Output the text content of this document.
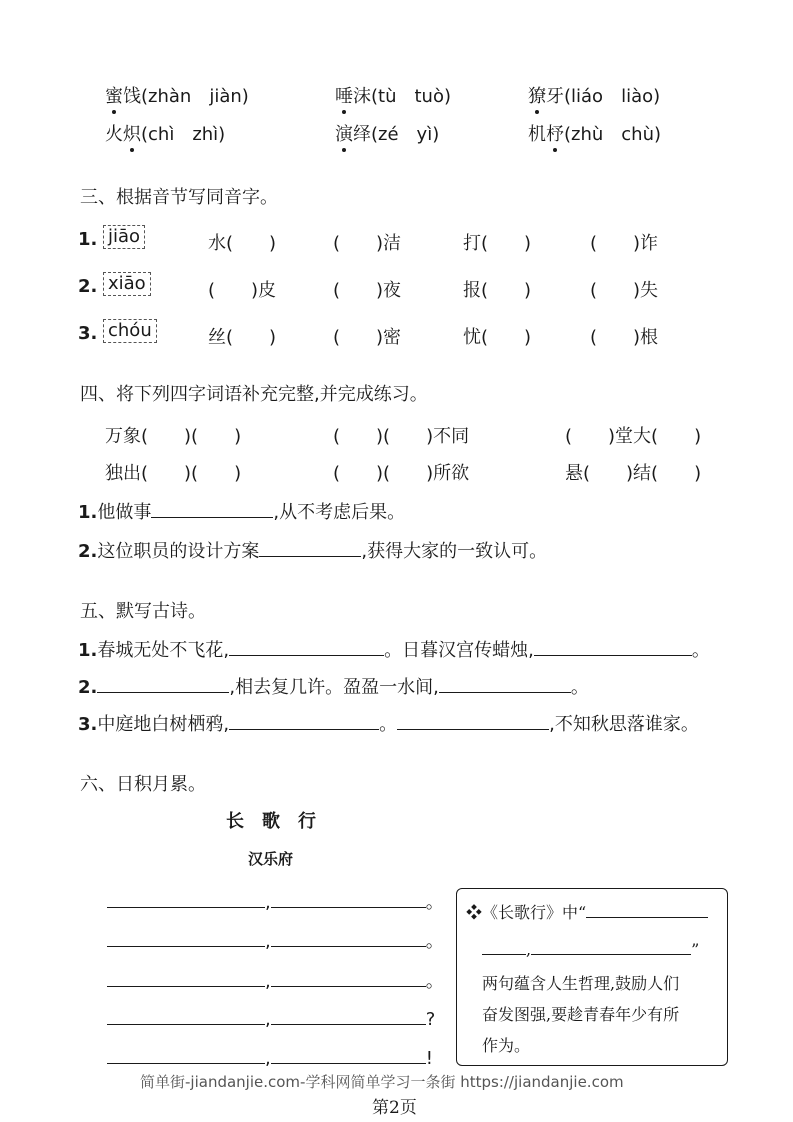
蜜饯(zhàn　jiàn)	唾沫(tù　tuò)	獠牙(liáo　liào)
火炽(chì　zhì)	演绎(zé　yì)	机杼(zhù　chù)
三、根据音节写同音字。
1. jiāo	水(　　)	(　　)洁	打(　　)	(　　)诈
2. xiāo	(　　)皮	(　　)夜	报(　　)	(　　)失
3. chóu	丝(　　)	(　　)密	忧(　　)	(　　)根
四、将下列四字词语补充完整,并完成练习。
万象(　　)(　　)	(　　)(　　)不同	(　　)堂大(　　)
独出(　　)(　　)	(　　)(　　)所欲	悬(　　)结(　　)
1.他做事	,从不考虑后果。
2.这位职员的设计方案	,获得大家的一致认可。
五、默写古诗。
1.春城无处不飞花,	。日暮汉宫传蜡烛,	。
2.	,相去复几许。盈盈一水间,	。
3.中庭地白树栖鸦,	。	,不知秋思落谁家。
六、日积月累。
长　歌　行
汉乐府
,	。
,	。
,	。
,	?
,	!
❖《长歌行》中“
,	”
两句蕴含人生哲理,鼓励人们
奋发图强,要趁青春年少有所
作为。
简单街-jiandanjie.com-学科网简单学习一条街 https://jiandanjie.com
第2页
